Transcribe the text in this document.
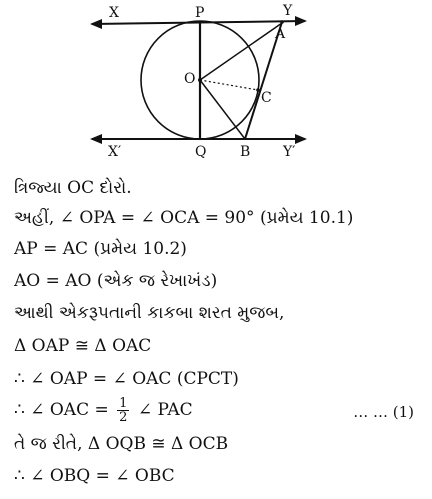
X	P	Y
A
O
C
X′	Q B Y′
ત્રિજ્યા OC દોરો.
અહીં, ∠ OPA = ∠ OCA = 90° (પ્રમેય 10.1)
AP = AC (પ્રમેય 10.2)
AO = AO (એક જ રેખાખંડ)
આથી એકરૂપતાની કાકબા શરત મુજબ,
Δ OAP ≅ Δ OAC
∴ ∠ OAP = ∠ OAC (CPCT)
∴ ∠ OAC = $\frac{1}{2}$ ∠ PAC	… … (1)
તે જ રીતે, Δ OQB ≅ Δ OCB
∴ ∠ OBQ = ∠ OBC
